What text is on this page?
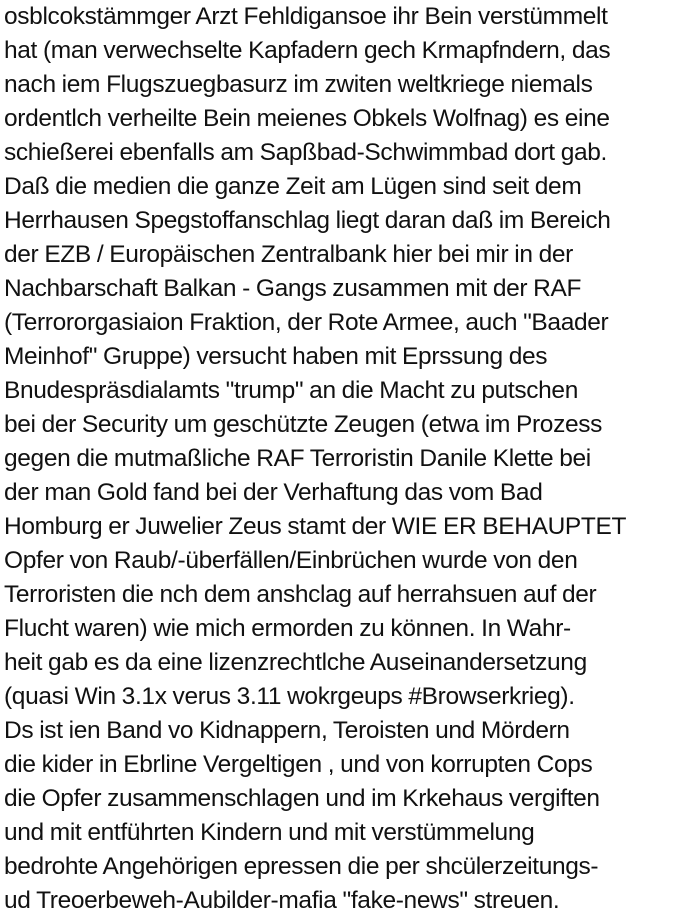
osblcokstämmger Arzt Fehldigansoe ihr Bein verstümmelt
hat (man verwechselte Kapfadern gech Krmapfndern, das
nach iem Flugszuegbasurz im zwiten weltkriege niemals
ordentlch verheilte Bein meienes Obkels Wolfnag) es eine
schießerei ebenfalls am Sapßbad-Schwimmbad dort gab.
Daß die medien die ganze Zeit am Lügen sind seit dem
Herrhausen Spegstoffanschlag liegt daran daß im Bereich
der EZB / Europäischen Zentralbank hier bei mir in der
Nachbarschaft Balkan - Gangs zusammen mit der RAF
(Terrororgasiaion Fraktion, der Rote Armee, auch "Baader
Meinhof" Gruppe) versucht haben mit Eprssung des
Bnudespräsdialamts "trump" an die Macht zu putschen
bei der Security um geschützte Zeugen (etwa im Prozess
gegen die mutmaßliche RAF Terroristin Danile Klette bei
der man Gold fand bei der Verhaftung das vom Bad
Homburg er Juwelier Zeus stamt der WIE ER BEHAUPTET
Opfer von Raub/-überfällen/Einbrüchen wurde von den
Terroristen die nch dem anshclag auf herrahsuen auf der
Flucht waren) wie mich ermorden zu können. In Wahr-
heit gab es da eine lizenzrechtlche Auseinandersetzung
(quasi Win 3.1x verus 3.11 wokrgeups #Browserkrieg).
Ds ist ien Band vo Kidnappern, Teroisten und Mördern
die kider in Ebrline Vergeltigen , und von korrupten Cops
die Opfer zusammenschlagen und im Krkehaus vergiften
und mit entführten Kindern und mit verstümmelung
bedrohte Angehörigen epressen die per shcülerzeitungs-
ud Treoerbeweh-Aubilder-mafia "fake-news" streuen.
